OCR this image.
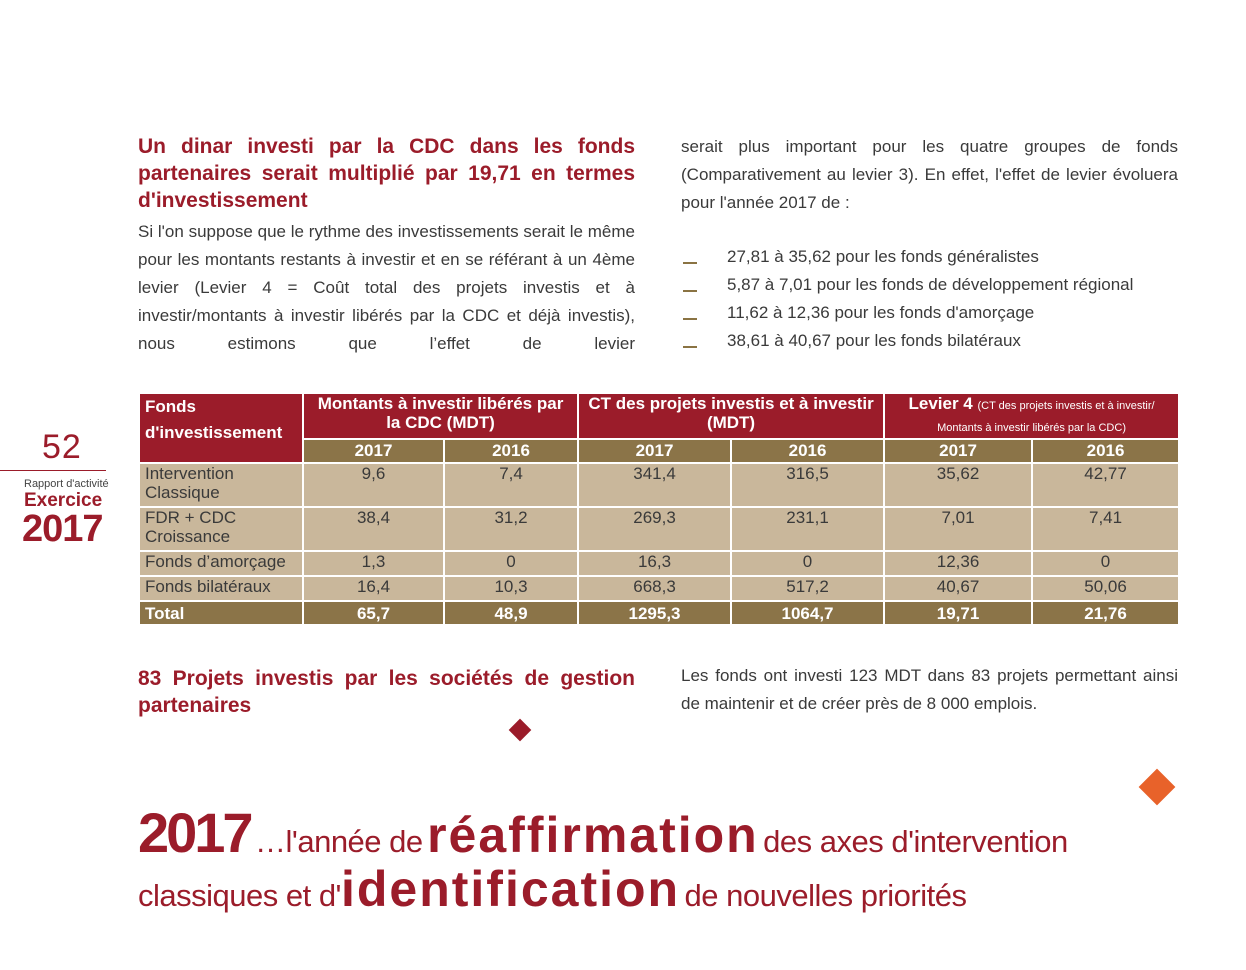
52
Rapport d'activité
Exercice
2017
Un dinar investi par la CDC dans les fonds partenaires serait multiplié par 19,71 en termes d'investissement

Si l'on suppose que le rythme des investissements serait le même pour les montants restants à investir et en se référant à un 4ème levier (Levier 4 = Coût total des projets investis et à investir/montants à investir libérés par la CDC et déjà investis), nous estimons que l’effet de levier

serait plus important pour les quatre groupes de fonds (Comparativement au levier 3). En effet, l'effet de levier évoluera pour l'année 2017 de :

27,81 à 35,62 pour les fonds généralistes
5,87 à 7,01 pour les fonds de développement régional
11,62 à 12,36 pour les fonds d'amorçage
38,61 à 40,67 pour les fonds bilatéraux
Fonds d'investissement	Montants à investir libérés par la CDC (MDT)		CT des projets investis et à investir (MDT)		Levier 4 (CT des projets investis et à investir/ Montants à investir libérés par la CDC)	
	2017	2016	2017	2016	2017	2016
Intervention Classique	9,6	7,4	341,4	316,5	35,62	42,77
FDR + CDC Croissance	38,4	31,2	269,3	231,1	7,01	7,41
Fonds d’amorçage	1,3	0	16,3	0	12,36	0
Fonds bilatéraux	16,4	10,3	668,3	517,2	40,67	50,06
Total	65,7	48,9	1295,3	1064,7	19,71	21,76
83 Projets investis par les sociétés de gestion partenaires

Les fonds ont investi 123 MDT dans 83 projets permettant ainsi de maintenir et de créer près de 8 000 emplois.

2017 …l'année de réaffirmation des axes d'intervention
classiques et d'identification de nouvelles priorités
